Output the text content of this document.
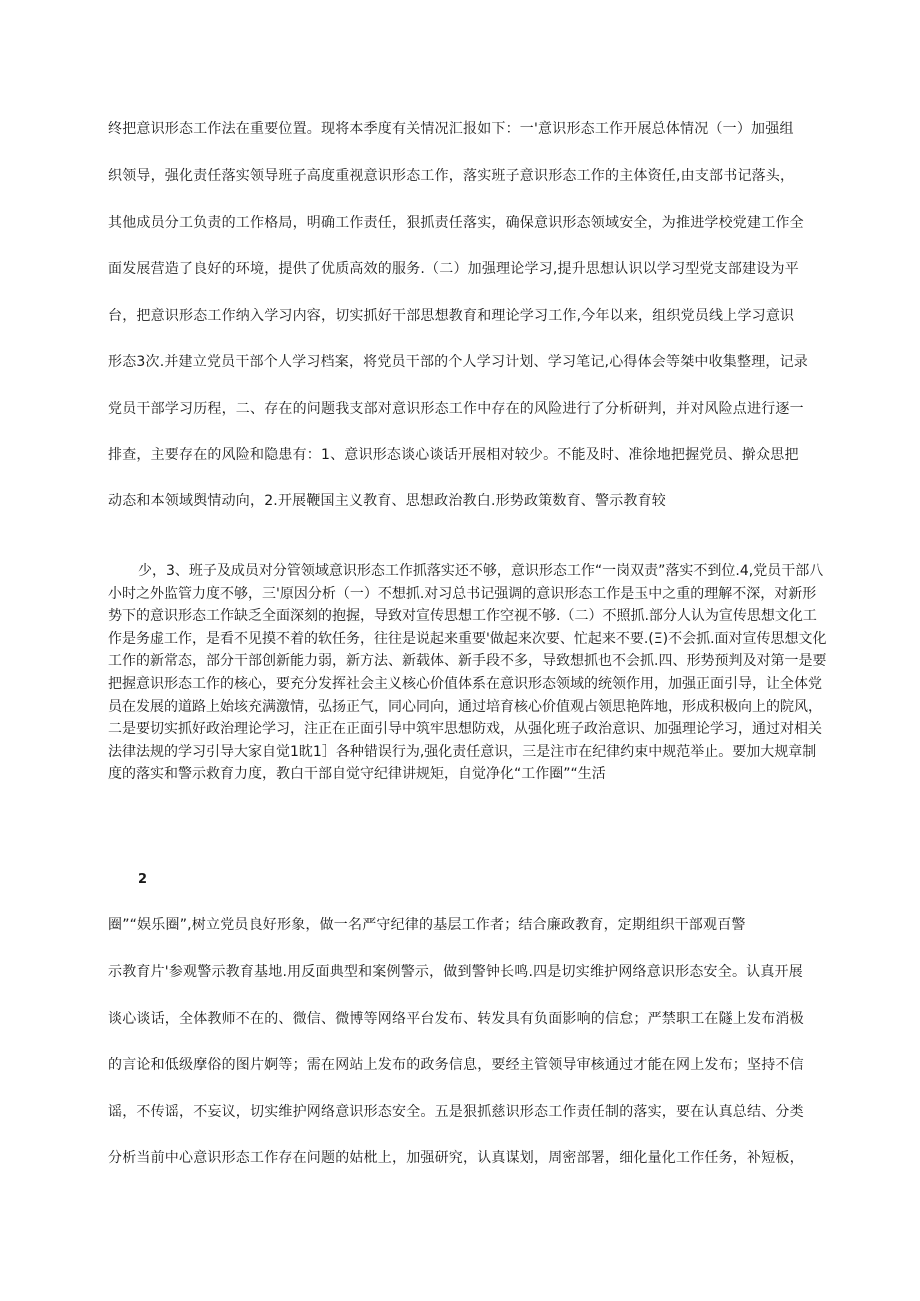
终把意识形态工作法在重要位置。现将本季度有关情况汇报如下：一'意识形态工作开展总体情况（一）加强组
织领导，强化责任落实领导班子高度重视意识形态工作，落实班子意识形态工作的主体资任,由支部书记落头，
其他成员分工负责的工作格局，明确工作责任，狠抓责任落实，确保意识形态领域安全，为推进学校党建工作全
面发展营造了良好的环境，提供了优质高效的服务.（二）加强理论学习,提升思想认识以学习型党支部建设为平
台，把意识形态工作纳入学习内容，切实抓好干部思想教育和理论学习工作,今年以来，组织党员线上学习意识
形态3次.并建立党员干部个人学习档案，将党员干部的个人学习计划、学习笔记,心得体会等桀中收集整理，记录
党员干部学习历程，二、存在的问题我支部对意识形态工作中存在的风险进行了分析研判，并对风险点进行逐一
排查，主要存在的风险和隐患有：1、意识形态谈心谈话开展相对较少。不能及时、准徐地把握党员、擀众思把
动态和本领域舆情动向，2.开展鞭国主义教育、思想政治教白.形势政策数育、警示教育较
少，3、班子及成员对分管领域意识形态工作抓落实还不够，意识形态工作“一岗双责”落实不到位.4,党员干部八小时之外监管力度不够，三'原因分析（一）不想抓.对习总书记强调的意识形态工作是玉中之重的理解不深，对新形势下的意识形态工作缺乏全面深刻的抱握，导致对宣传思想工作空视不够.（二）不照抓.部分人认为宣传思想文化工作是务虚工作，是看不见摸不着的软任务，往往是说起来重要'做起来次要、忙起来不要.(Ξ)不会抓.面对宣传思想文化工作的新常态，部分干部创新能力弱，新方法、新载体、新手段不多，导致想抓也不会抓.四、形势预判及对第一是要把握意识形态工作的核心，要充分发挥社会主义核心价值体系在意识形态领域的统领作用，加强正面引导，让全体党员在发展的道路上始垓充满激情，弘扬正气，同心同向，通过培育核心价值观占领思艳阵地，形成积极向上的院风，二是要切实抓好政治理论学习，注正在正面引导中筑牢思想防戏，从强化班子政治意识、加强理论学习，通过对相关法律法规的学习引导大家自觉1眈1］各种错误行为,强化责任意识，三是注市在纪律约束中规范举止。要加大规章制度的落实和警示救育力度，教白干部自觉守纪律讲规矩，自觉净化“工作圈”“生活
2
圈”“娱乐圈”,树立党员良好形象，做一名严守纪律的基层工作者；结合廉政教育，定期组织干部观百警
示教育片'参观警示教育基地.用反面典型和案例警示，做到警钟长鸣.四是切实维护网络意识形态安全。认真开展
谈心谈话，全体教师不在的、微信、微博等网络平台发布、转发具有负面影响的信怠；严禁职工在隧上发布消极
的言论和低级摩俗的图片婀等；需在网站上发布的政务信息，要经主管领导审核通过才能在网上发布；坚持不信
谣，不传谣，不妄议，切实维护网络意识形态安全。五是狠抓慈识形态工作责任制的落实，要在认真总结、分类
分析当前中心意识形态工作存在问题的姑枇上，加强研究，认真谋划，周密部署，细化量化工作任务，补短板，
